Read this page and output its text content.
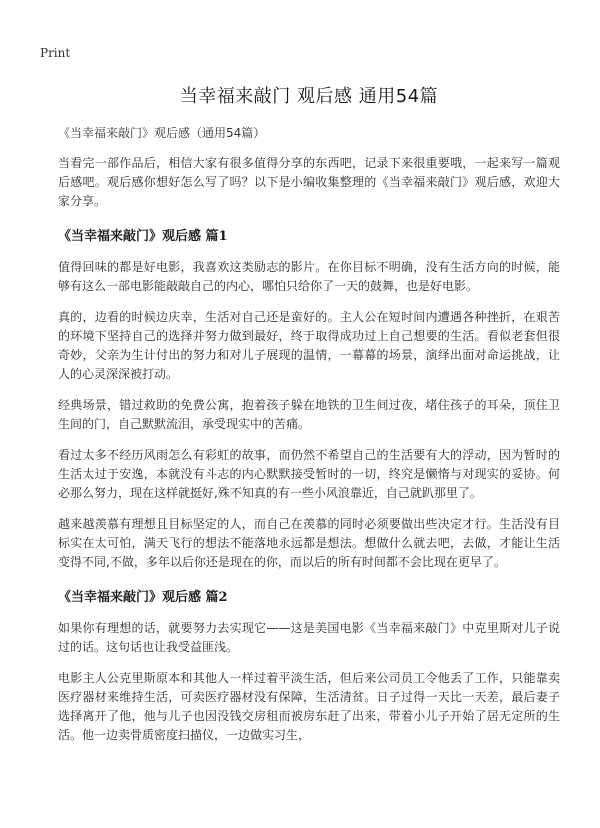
Print
当幸福来敲门 观后感 通用54篇
《当幸福来敲门》观后感（通用54篇）

当看完一部作品后，相信大家有很多值得分享的东西吧，记录下来很重要哦，一起来写一篇观后感吧。观后感你想好怎么写了吗？以下是小编收集整理的《当幸福来敲门》观后感，欢迎大家分享。

《当幸福来敲门》观后感 篇1

值得回味的都是好电影，我喜欢这类励志的影片。在你目标不明确，没有生活方向的时候，能够有这么一部电影能敲敲自己的内心，哪怕只给你了一天的鼓舞，也是好电影。

真的，边看的时候边庆幸，生活对自己还是蛮好的。主人公在短时间内遭遇各种挫折，在艰苦的环境下坚持自己的选择并努力做到最好，终于取得成功过上自己想要的生活。看似老套但很奇妙，父亲为生计付出的努力和对儿子展现的温情，一幕幕的场景，演绎出面对命运挑战，让人的心灵深深被打动。

经典场景，错过救助的免费公寓，抱着孩子躲在地铁的卫生间过夜，堵住孩子的耳朵，顶住卫生间的门，自己默默流泪，承受现实中的苦痛。

看过太多不经历风雨怎么有彩虹的故事，而仍然不希望自己的生活要有大的浮动，因为暂时的生活太过于安逸，本就没有斗志的内心默默接受暂时的一切，终究是懒惰与对现实的妥协。何必那么努力，现在这样就挺好,殊不知真的有一些小风浪靠近，自己就趴那里了。

越来越羡慕有理想且目标坚定的人，而自己在羡慕的同时必须要做出些决定才行。生活没有目标实在太可怕，满天飞行的想法不能落地永远都是想法。想做什么就去吧，去做，才能让生活变得不同,不做，多年以后你还是现在的你，而以后的所有时间都不会比现在更早了。

《当幸福来敲门》观后感 篇2

如果你有理想的话，就要努力去实现它——这是美国电影《当幸福来敲门》中克里斯对儿子说过的话。这句话也让我受益匪浅。

电影主人公克里斯原本和其他人一样过着平淡生活，但后来公司员工令他丢了工作，只能靠卖医疗器材来维持生活，可卖医疗器材没有保障，生活清贫。日子过得一天比一天差，最后妻子选择离开了他，他与儿子也因没钱交房租而被房东赶了出来，带着小儿子开始了居无定所的生活。他一边卖骨质密度扫描仪，一边做实习生，
